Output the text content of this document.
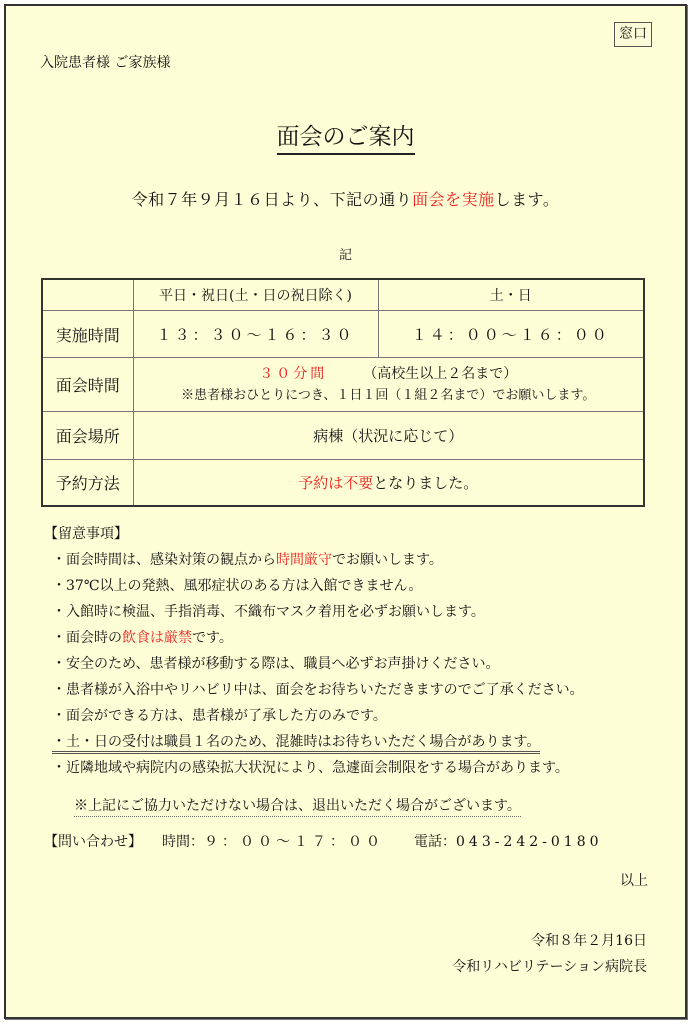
窓口
入院患者様 ご家族様
面会のご案内
令和７年９月１６日より、下記の通り面会を実施します。
記
	平日・祝日(土・日の祝日除く)	土・日
実施時間	１３：３０〜１６：３０	１４：００〜１６：００
面会時間	３０分間 （高校生以上２名まで）
※患者様おひとりにつき、１日１回（１組２名まで）でお願いします。	

面会場所	病棟（状況に応じて）	
予約方法	予約は不要となりました。	
【留意事項】
・面会時間は、感染対策の観点から時間厳守でお願いします。
・37℃以上の発熱、風邪症状のある方は入館できません。
・入館時に検温、手指消毒、不織布マスク着用を必ずお願いします。
・面会時の飲食は厳禁です。
・安全のため、患者様が移動する際は、職員へ必ずお声掛けください。
・患者様が入浴中やリハビリ中は、面会をお待ちいただきますのでご了承ください。
・面会ができる方は、患者様が了承した方のみです。
・土・日の受付は職員１名のため、混雑時はお待ちいただく場合があります。
・近隣地域や病院内の感染拡大状況により、急遽面会制限をする場合があります。
※上記にご協力いただけない場合は、退出いただく場合がございます。
【問い合わせ】 時間：９：００〜１７：００ 電話：043-242-0180
以上
令和８年２月16日
令和リハビリテーション病院長
